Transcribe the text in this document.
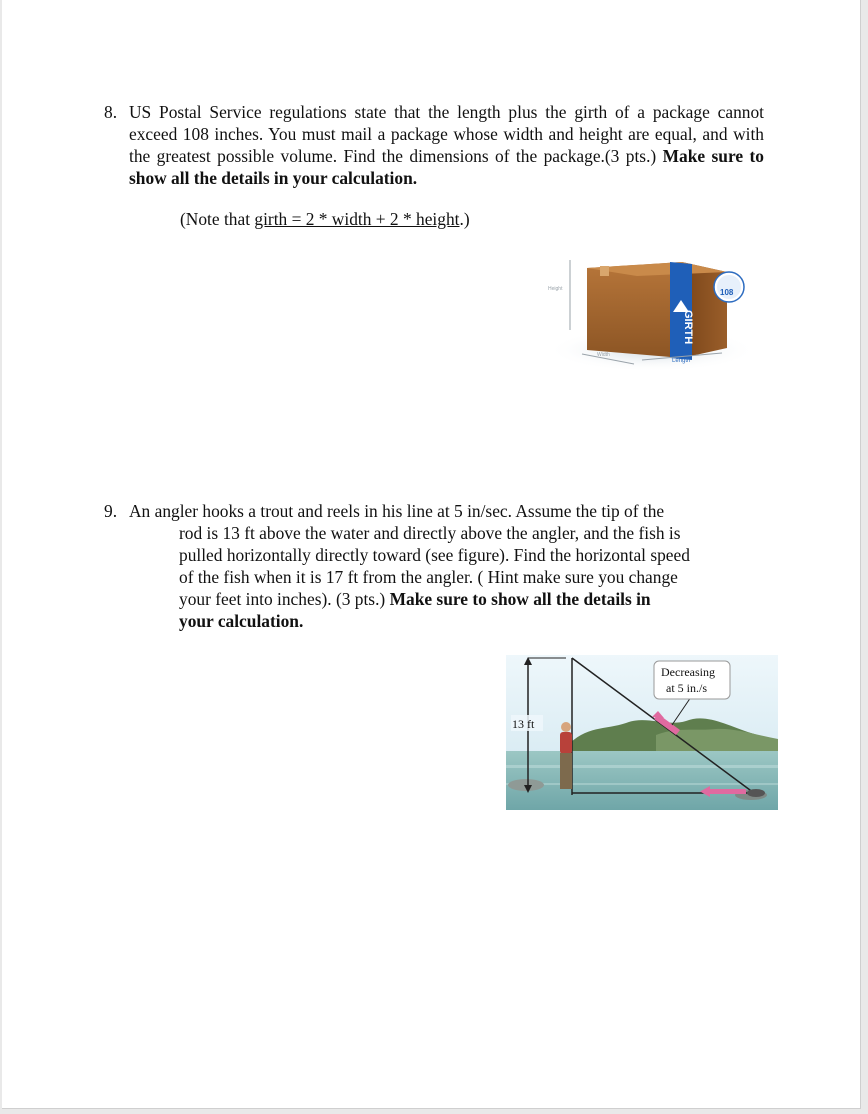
8. US Postal Service regulations state that the length plus the girth of a package cannot exceed 108 inches. You must mail a package whose width and height are equal, and with the greatest possible volume. Find the dimensions of the package.(3 pts.) Make sure to show all the details in your calculation.
(Note that girth = 2 * width + 2 * height.)
Height
GIRTH
108
Length
Width
9. An angler hooks a trout and reels in his line at 5 in/sec. Assume the tip of the
rod is 13 ft above the water and directly above the angler, and the fish is
pulled horizontally directly toward (see figure). Find the horizontal speed
of the fish when it is 17 ft from the angler. ( Hint make sure you change
your feet into inches). (3 pts.) Make sure to show all the details in
your calculation.
13 ft
Decreasing
at 5 in./s
